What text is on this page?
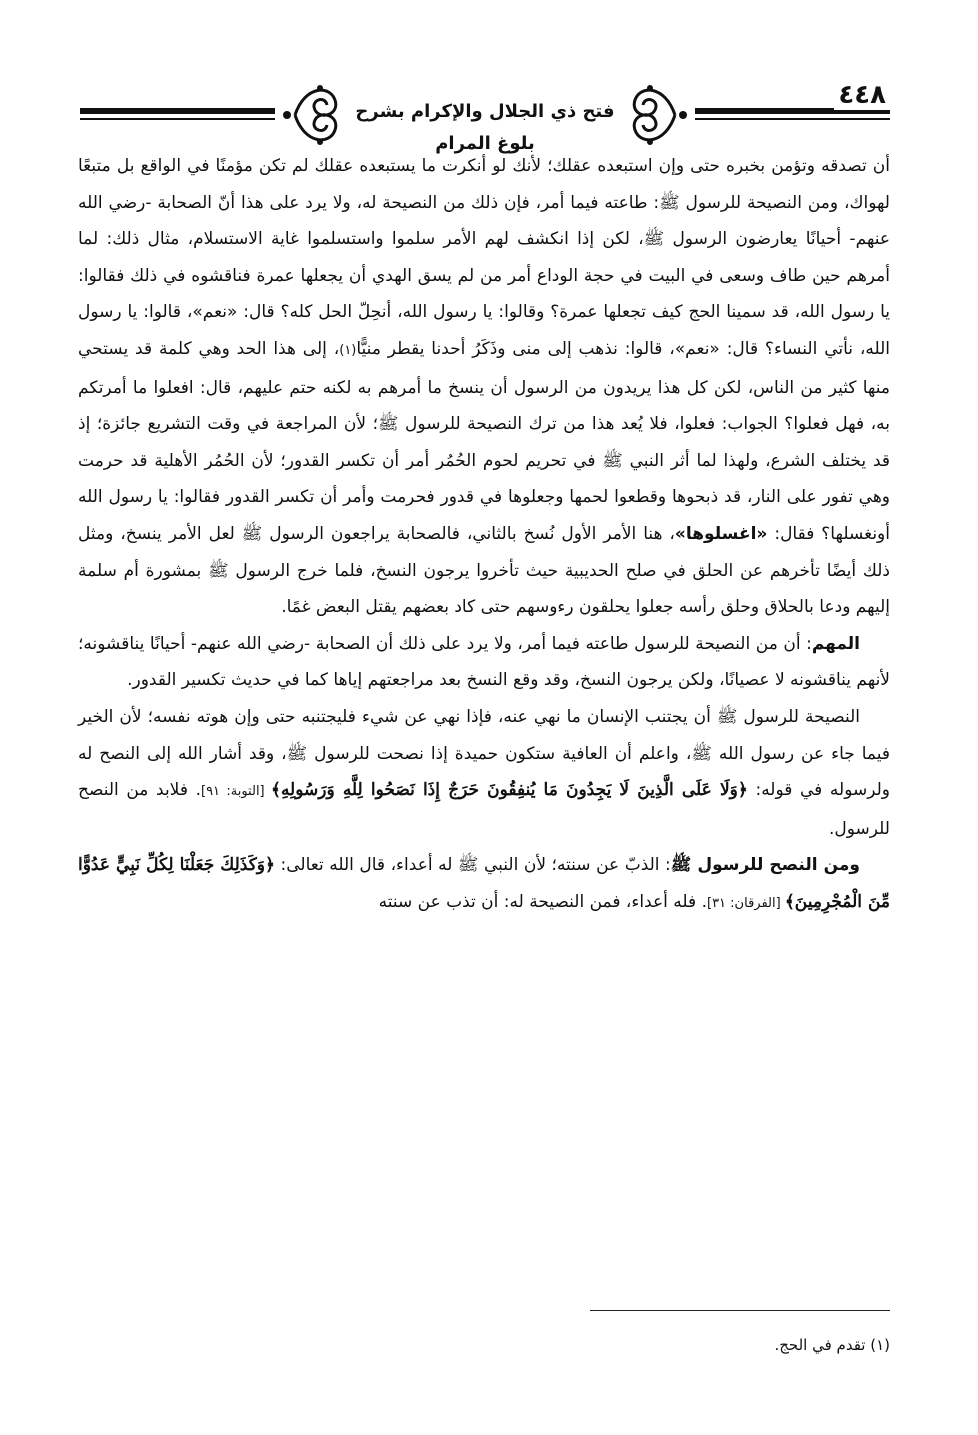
فتح ذي الجلال والإكرام بشرح بلوغ المرام
٤٤٨

أن تصدقه وتؤمن بخبره حتى وإن استبعده عقلك؛ لأنك لو أنكرت ما يستبعده عقلك لم تكن مؤمنًا في الواقع بل متبعًا لهواك، ومن النصيحة للرسول ﷺ: طاعته فيما أمر، فإن ذلك من النصيحة له، ولا يرد على هذا أنّ الصحابة -رضي الله عنهم- أحيانًا يعارضون الرسول ﷺ، لكن إذا انكشف لهم الأمر سلموا واستسلموا غاية الاستسلام، مثال ذلك: لما أمرهم حين طاف وسعى في البيت في حجة الوداع أمر من لم يسق الهدي أن يجعلها عمرة فناقشوه في ذلك فقالوا: يا رسول الله، قد سمينا الحج كيف تجعلها عمرة؟ وقالوا: يا رسول الله، أنحِلّ الحل كله؟ قال: «نعم»، قالوا: يا رسول الله، نأتي النساء؟ قال: «نعم»، قالوا: نذهب إلى منى وذَكَرُ أحدنا يقطر منيًّا(١)، إلى هذا الحد وهي كلمة قد يستحي منها كثير من الناس، لكن كل هذا يريدون من الرسول أن ينسخ ما أمرهم به لكنه حتم عليهم، قال: افعلوا ما أمرتكم به، فهل فعلوا؟ الجواب: فعلوا، فلا يُعد هذا من ترك النصيحة للرسول ﷺ؛ لأن المراجعة في وقت التشريع جائزة؛ إذ قد يختلف الشرع، ولهذا لما أثر النبي ﷺ في تحريم لحوم الحُمُر أمر أن تكسر القدور؛ لأن الحُمُر الأهلية قد حرمت وهي تفور على النار، قد ذبحوها وقطعوا لحمها وجعلوها في قدور فحرمت وأمر أن تكسر القدور فقالوا: يا رسول الله أونغسلها؟ فقال: «اغسلوها»، هنا الأمر الأول نُسخ بالثاني، فالصحابة يراجعون الرسول ﷺ لعل الأمر ينسخ، ومثل ذلك أيضًا تأخرهم عن الحلق في صلح الحديبية حيث تأخروا يرجون النسخ، فلما خرج الرسول ﷺ بمشورة أم سلمة إليهم ودعا بالحلاق وحلق رأسه جعلوا يحلقون رءوسهم حتى كاد بعضهم يقتل البعض غمًا.

المهم: أن من النصيحة للرسول طاعته فيما أمر، ولا يرد على ذلك أن الصحابة -رضي الله عنهم- أحيانًا يناقشونه؛ لأنهم يناقشونه لا عصيانًا، ولكن يرجون النسخ، وقد وقع النسخ بعد مراجعتهم إياها كما في حديث تكسير القدور.

النصيحة للرسول ﷺ أن يجتنب الإنسان ما نهي عنه، فإذا نهي عن شيء فليجتنبه حتى وإن هوته نفسه؛ لأن الخير فيما جاء عن رسول الله ﷺ، واعلم أن العافية ستكون حميدة إذا نصحت للرسول ﷺ، وقد أشار الله إلى النصح له ولرسوله في قوله: ﴿وَلَا عَلَى الَّذِينَ لَا يَجِدُونَ مَا يُنفِقُونَ حَرَجٌ إِذَا نَصَحُوا لِلَّهِ وَرَسُولِهِ﴾ [التوبة: ٩١]. فلابد من النصح للرسول.

ومن النصح للرسول ﷺ: الذبّ عن سنته؛ لأن النبي ﷺ له أعداء، قال الله تعالى: ﴿وَكَذَلِكَ جَعَلْنَا لِكُلِّ نَبِيٍّ عَدُوًّا مِّنَ الْمُجْرِمِينَ﴾ [الفرقان: ٣١]. فله أعداء، فمن النصيحة له: أن تذب عن سنته

(١) تقدم في الحج.
